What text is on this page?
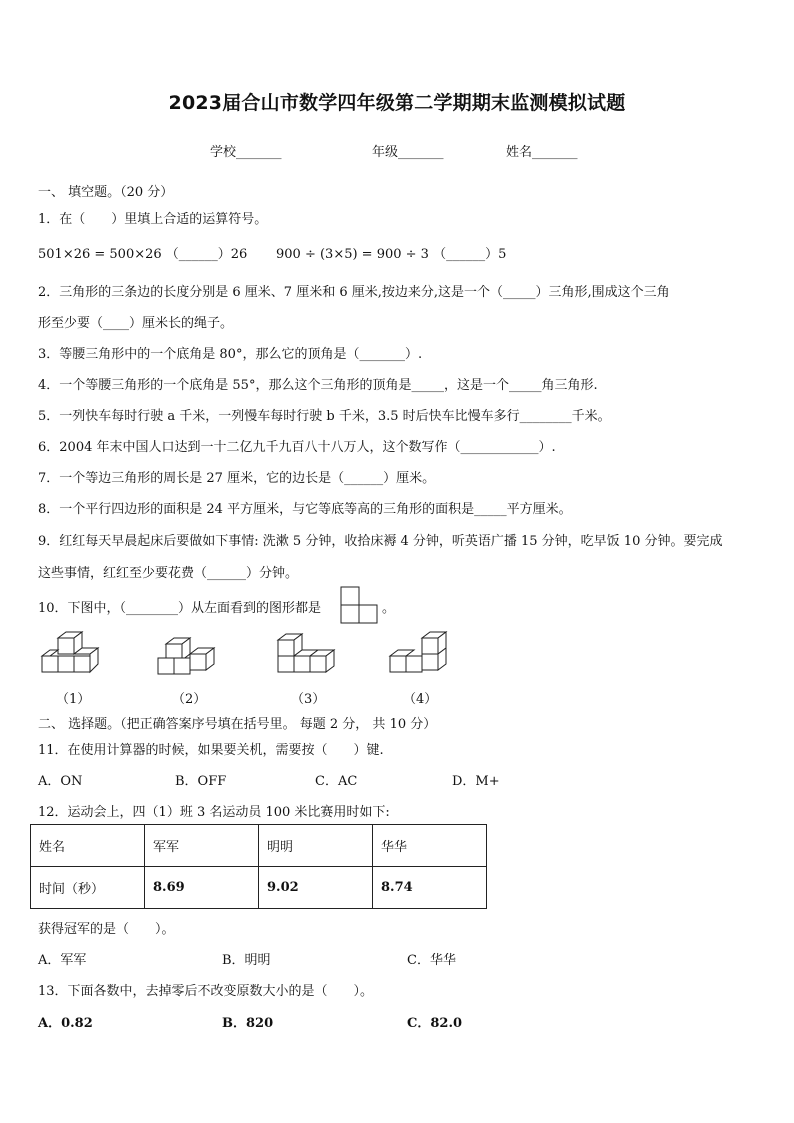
2023届合山市数学四年级第二学期期末监测模拟试题
学校_______	年级_______	姓名_______
一、 填空题。（20 分）
1．在（　　）里填上合适的运算符号。
501×26 = 500×26 （______）26 900 ÷ (3×5) = 900 ÷ 3 （______）5
2．三角形的三条边的长度分别是 6 厘米、7 厘米和 6 厘米,按边来分,这是一个（_____）三角形,围成这个三角
形至少要（____）厘米长的绳子。
3．等腰三角形中的一个底角是 80°，那么它的顶角是（_______）.
4．一个等腰三角形的一个底角是 55°，那么这个三角形的顶角是_____，这是一个_____角三角形.
5．一列快车每时行驶 a 千米，一列慢车每时行驶 b 千米，3.5 时后快车比慢车多行________千米。
6．2004 年末中国人口达到一十二亿九千九百八十八万人，这个数写作（____________）.
7．一个等边三角形的周长是 27 厘米，它的边长是（______）厘米。
8．一个平行四边形的面积是 24 平方厘米，与它等底等高的三角形的面积是_____平方厘米。
9．红红每天早晨起床后要做如下事情: 洗漱 5 分钟，收拾床褥 4 分钟，听英语广播 15 分钟，吃早饭 10 分钟。要完成
这些事情，红红至少要花费（______）分钟。
10．下图中，（________）从左面看到的图形都是	。
（1）	（2）	（3）	（4）
二、 选择题。（把正确答案序号填在括号里。 每题 2 分， 共 10 分）
11．在使用计算器的时候，如果要关机，需要按（　　）键.
A．ON	B．OFF	C．AC	D．M+
12．运动会上，四（1）班 3 名运动员 100 米比赛用时如下:
姓名	军军	明明	华华
时间（秒）	8.69	9.02	8.74
获得冠军的是（　　）。
A．军军	B．明明	C．华华
13．下面各数中，去掉零后不改变原数大小的是（　　）。
A．0.82	B．820	C．82.0
